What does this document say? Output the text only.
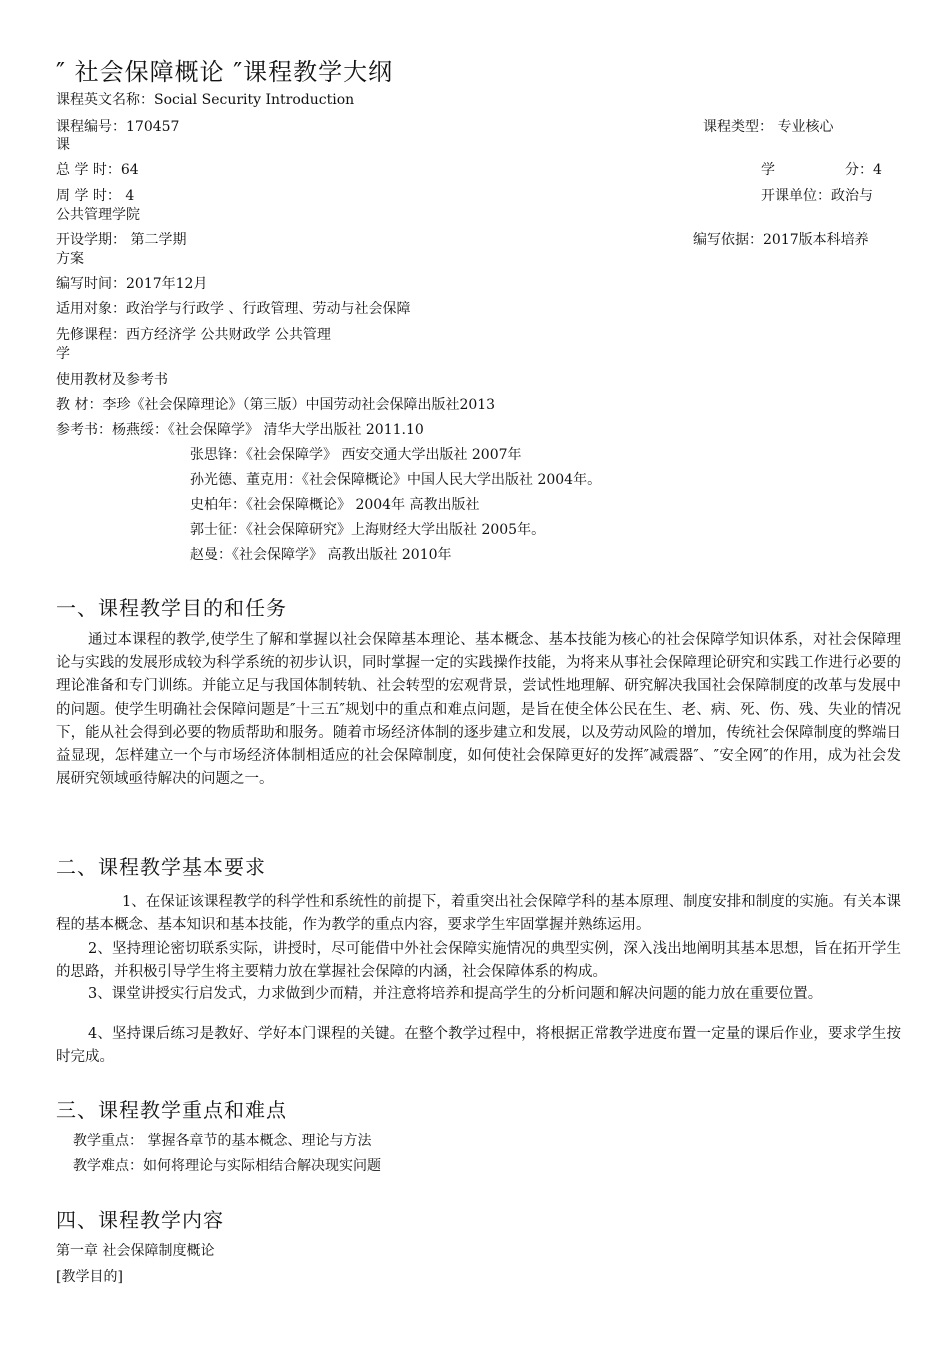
″ 社会保障概论 ″课程教学大纲
课程英文名称：Social Security Introduction
课程编号：170457	课程类型： 专业核心
课
总 学 时：64	学	分：4
周 学 时： 4	开课单位：政治与
公共管理学院
开设学期： 第二学期	编写依据：2017版本科培养
方案
编写时间：2017年12月
适用对象：政治学与行政学 、行政管理、劳动与社会保障
先修课程：西方经济学 公共财政学 公共管理
学
使用教材及参考书
教 材：李珍《社会保障理论》（第三版）中国劳动社会保障出版社2013
参考书：杨燕绥：《社会保障学》 清华大学出版社 2011.10
张思锋：《社会保障学》 西安交通大学出版社 2007年
孙光德、董克用：《社会保障概论》中国人民大学出版社 2004年。
史柏年：《社会保障概论》 2004年 高教出版社
郭士征：《社会保障研究》上海财经大学出版社 2005年。
赵曼：《社会保障学》 高教出版社 2010年
一、课程教学目的和任务
通过本课程的教学,使学生了解和掌握以社会保障基本理论、基本概念、基本技能为核心的社会保障学知识体系，对社会保障理论与实践的发展形成较为科学系统的初步认识，同时掌握一定的实践操作技能，为将来从事社会保障理论研究和实践工作进行必要的理论准备和专门训练。并能立足与我国体制转轨、社会转型的宏观背景，尝试性地理解、研究解决我国社会保障制度的改革与发展中的问题。使学生明确社会保障问题是″十三五″规划中的重点和难点问题，是旨在使全体公民在生、老、病、死、伤、残、失业的情况下，能从社会得到必要的物质帮助和服务。随着市场经济体制的逐步建立和发展，以及劳动风险的增加，传统社会保障制度的弊端日益显现，怎样建立一个与市场经济体制相适应的社会保障制度，如何使社会保障更好的发挥″减震器″、″安全网″的作用，成为社会发展研究领域亟待解决的问题之一。
二、课程教学基本要求
1、在保证该课程教学的科学性和系统性的前提下，着重突出社会保障学科的基本原理、制度安排和制度的实施。有关本课程的基本概念、基本知识和基本技能，作为教学的重点内容，要求学生牢固掌握并熟练运用。
2、坚持理论密切联系实际，讲授时，尽可能借中外社会保障实施情况的典型实例，深入浅出地阐明其基本思想，旨在拓开学生的思路，并积极引导学生将主要精力放在掌握社会保障的内涵，社会保障体系的构成。
3、课堂讲授实行启发式，力求做到少而精，并注意将培养和提高学生的分析问题和解决问题的能力放在重要位置。
4、坚持课后练习是教好、学好本门课程的关键。在整个教学过程中，将根据正常教学进度布置一定量的课后作业，要求学生按时完成。
三、课程教学重点和难点
教学重点： 掌握各章节的基本概念、理论与方法
教学难点：如何将理论与实际相结合解决现实问题
四、课程教学内容
第一章 社会保障制度概论
[教学目的]
